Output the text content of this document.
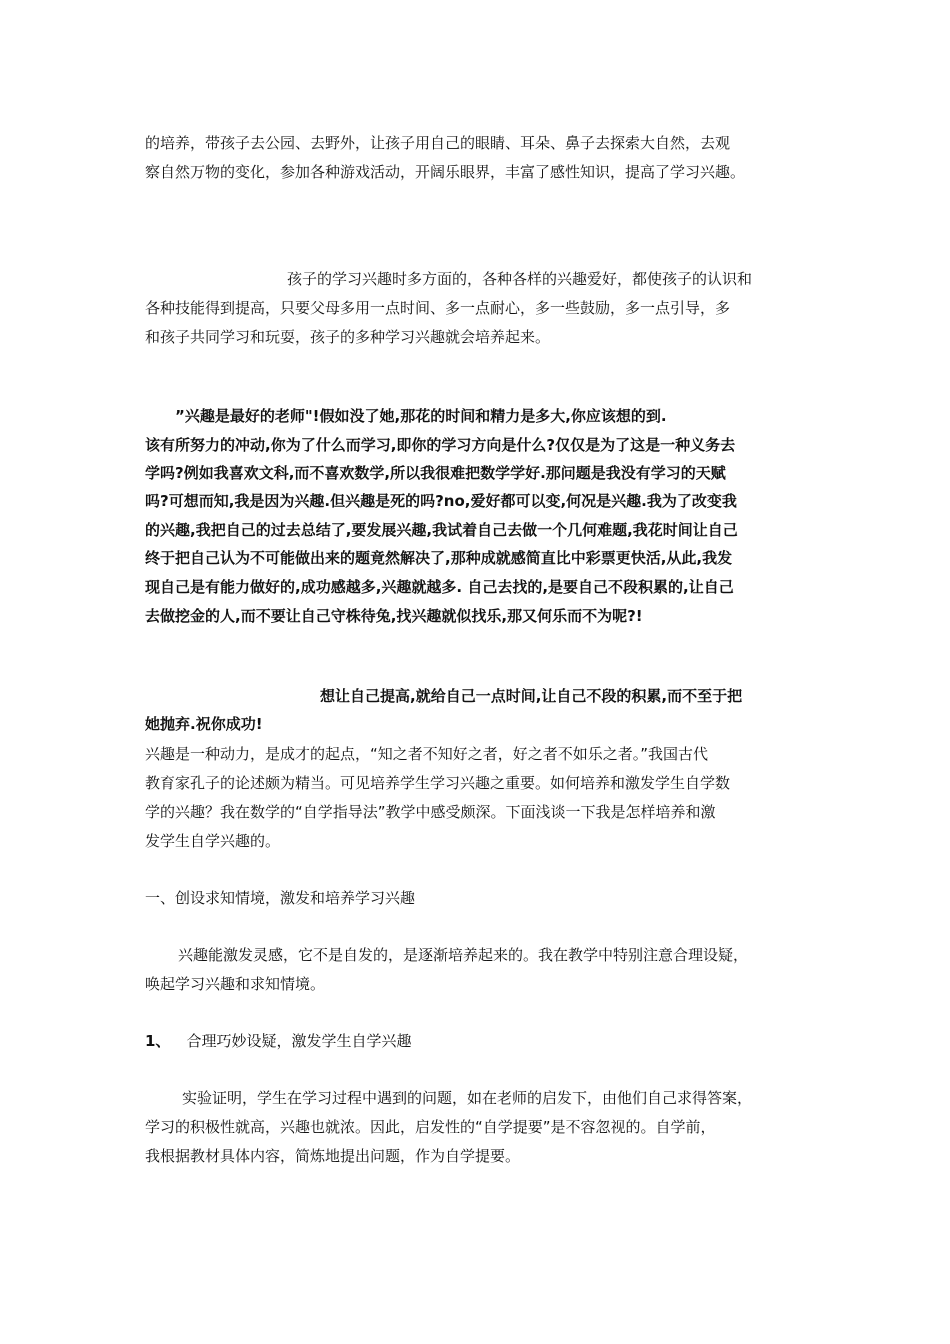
的培养，带孩子去公园、去野外，让孩子用自己的眼睛、耳朵、鼻子去探索大自然，去观
察自然万物的变化，参加各种游戏活动，开阔乐眼界，丰富了感性知识，提高了学习兴趣。
孩子的学习兴趣时多方面的，各种各样的兴趣爱好，都使孩子的认识和
各种技能得到提高，只要父母多用一点时间、多一点耐心，多一些鼓励，多一点引导，多
和孩子共同学习和玩耍，孩子的多种学习兴趣就会培养起来。
”兴趣是最好的老师"!假如没了她,那花的时间和精力是多大,你应该想的到.
该有所努力的冲动,你为了什么而学习,即你的学习方向是什么?仅仅是为了这是一种义务去
学吗?例如我喜欢文科,而不喜欢数学,所以我很难把数学学好.那问题是我没有学习的天赋
吗?可想而知,我是因为兴趣.但兴趣是死的吗?no,爱好都可以变,何况是兴趣.我为了改变我
的兴趣,我把自己的过去总结了,要发展兴趣,我试着自己去做一个几何难题,我花时间让自己
终于把自己认为不可能做出来的题竟然解决了,那种成就感简直比中彩票更快活,从此,我发
现自己是有能力做好的,成功感越多,兴趣就越多. 自己去找的,是要自己不段积累的,让自己
去做挖金的人,而不要让自己守株待兔,找兴趣就似找乐,那又何乐而不为呢?!
想让自己提高,就给自己一点时间,让自己不段的积累,而不至于把
她抛弃.祝你成功!
兴趣是一种动力，是成才的起点，“知之者不知好之者，好之者不如乐之者。”我国古代
教育家孔子的论述颇为精当。可见培养学生学习兴趣之重要。如何培养和激发学生自学数
学的兴趣？我在数学的“自学指导法”教学中感受颇深。下面浅谈一下我是怎样培养和激
发学生自学兴趣的。
一、创设求知情境，激发和培养学习兴趣
兴趣能激发灵感，它不是自发的，是逐渐培养起来的。我在教学中特别注意合理设疑，
唤起学习兴趣和求知情境。
1、 合理巧妙设疑，激发学生自学兴趣
实验证明，学生在学习过程中遇到的问题，如在老师的启发下，由他们自己求得答案，
学习的积极性就高，兴趣也就浓。因此，启发性的“自学提要”是不容忽视的。自学前，
我根据教材具体内容，简炼地提出问题，作为自学提要。
